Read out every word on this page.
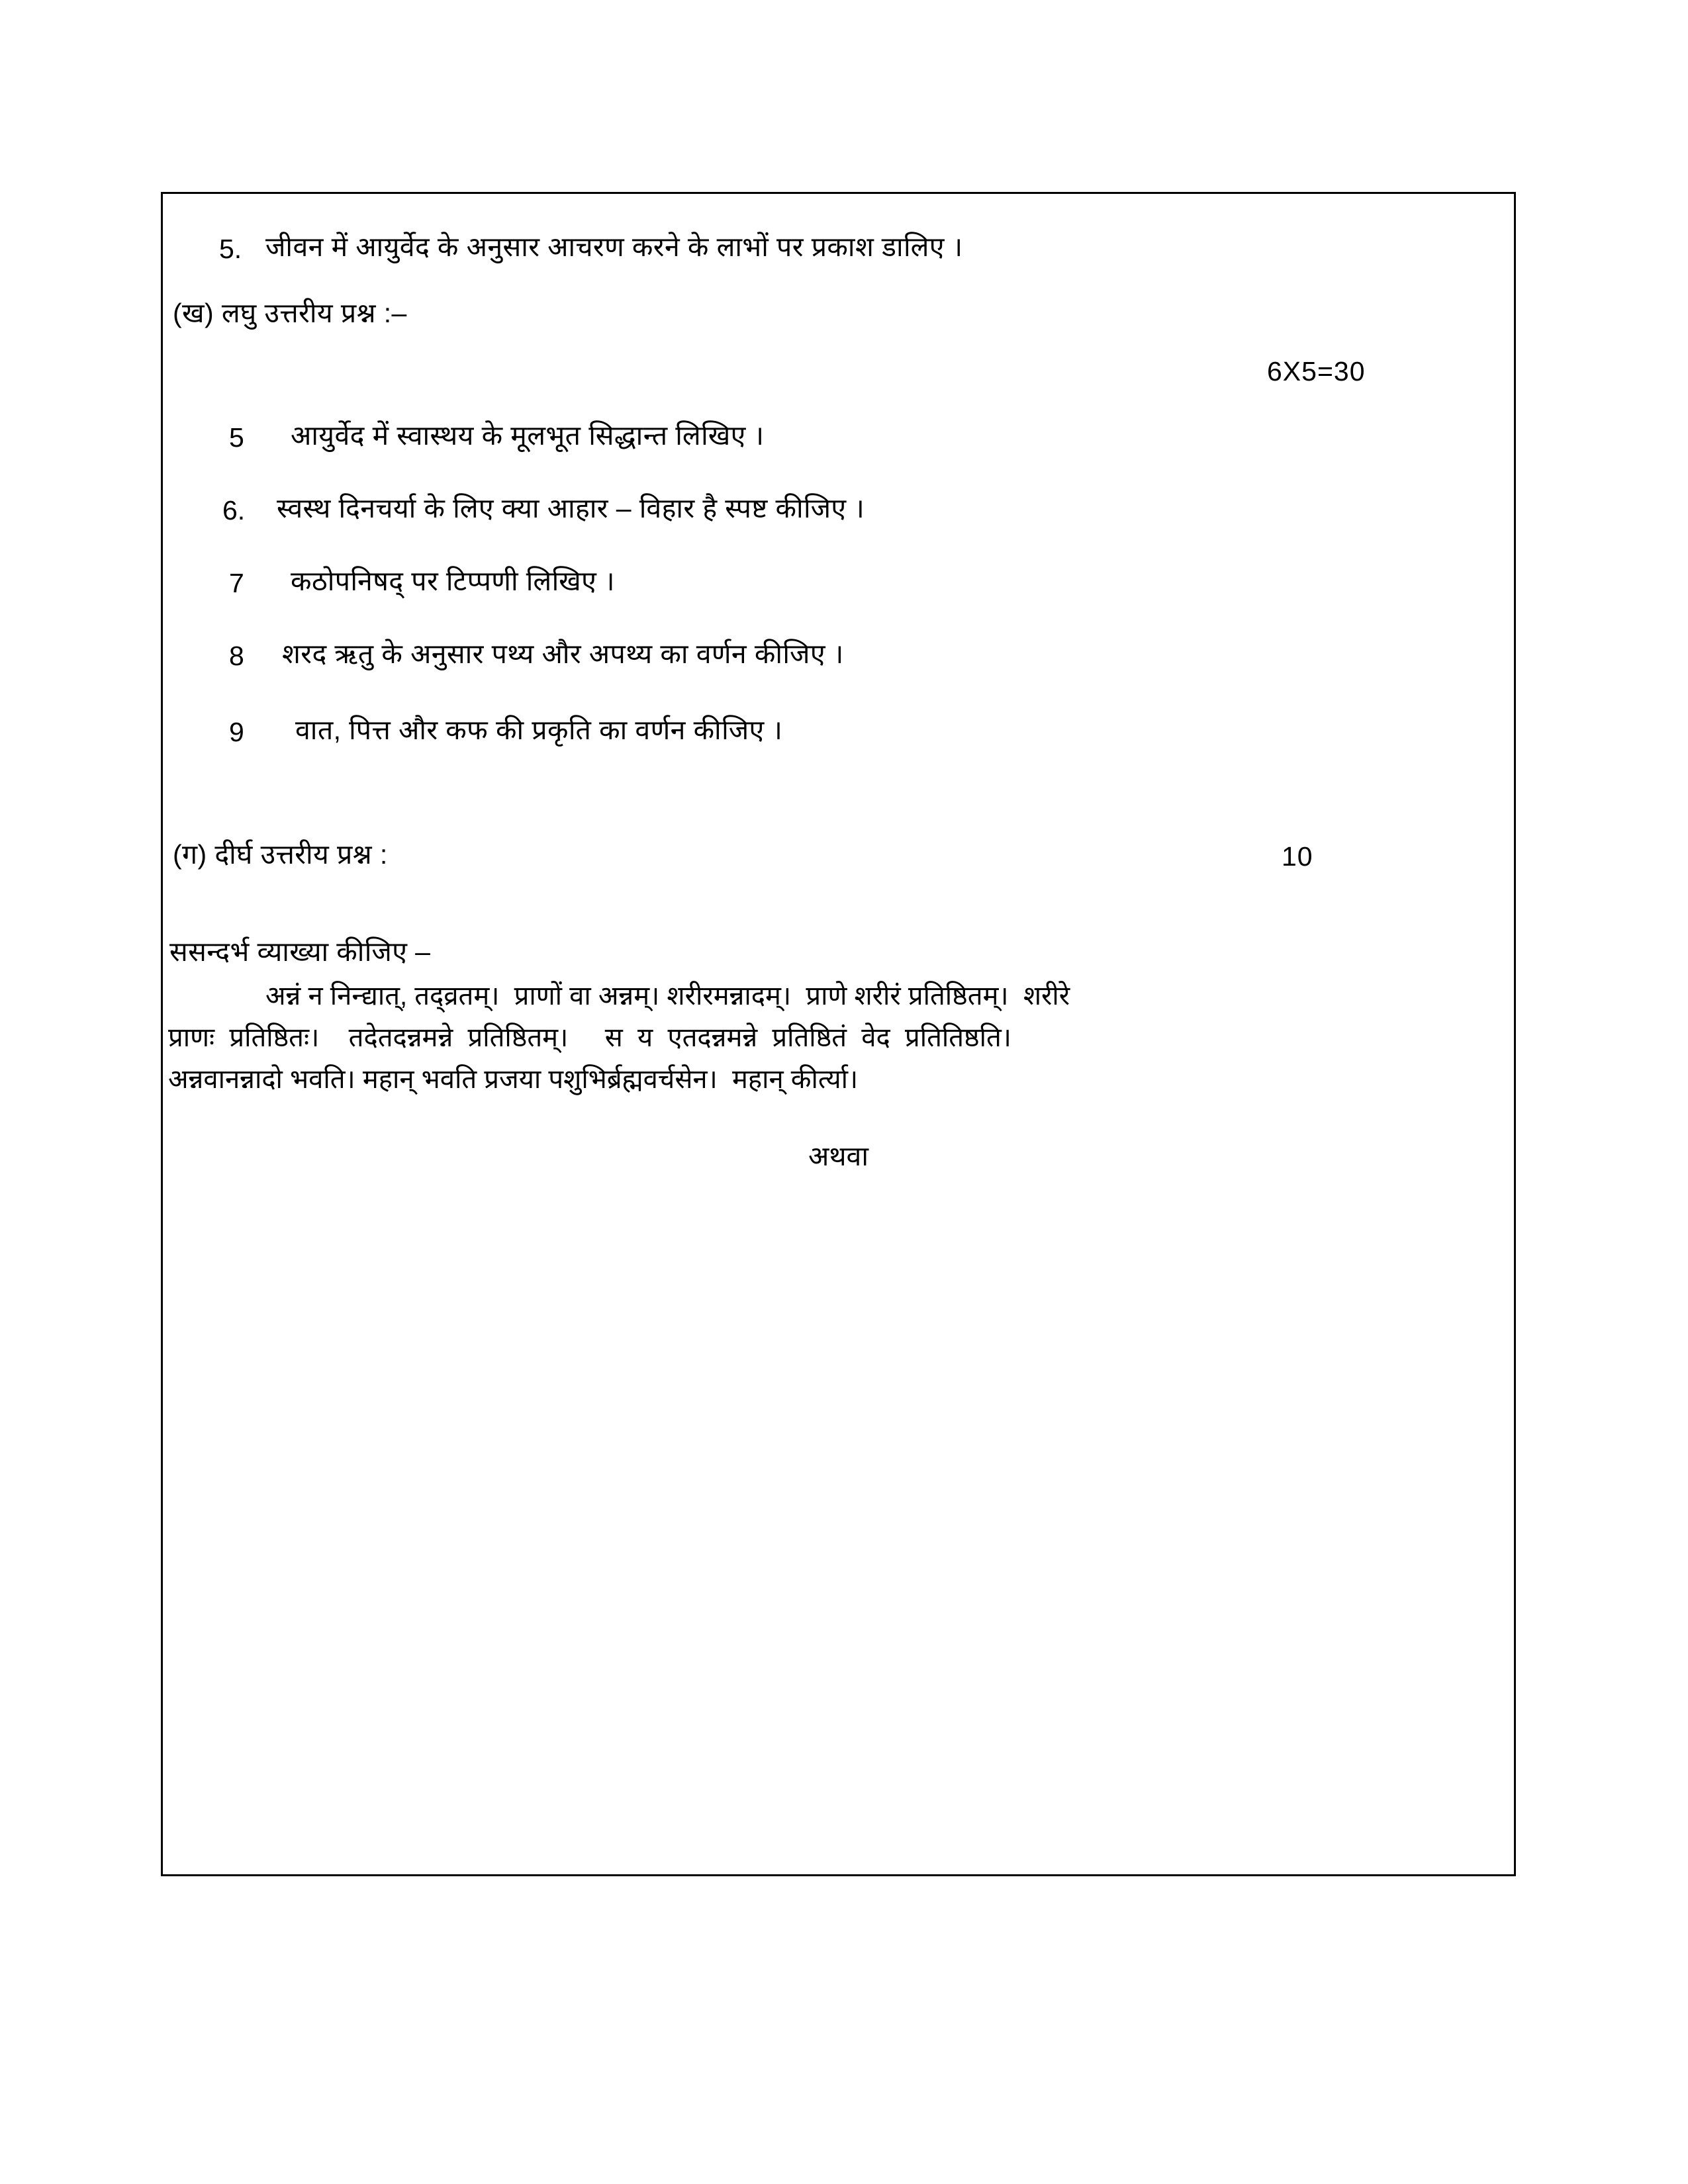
5. जीवन में आयुर्वेद के अनुसार आचरण करने के लाभों पर प्रकाश डालिए ।
(ख) लघु उत्तरीय प्रश्न :–
6X5=30
5 आयुर्वेद में स्वास्थय के मूलभूत सिद्धान्त लिखिए ।
6. स्वस्थ दिनचर्या के लिए क्या आहार – विहार है स्पष्ट कीजिए ।
7 कठोपनिषद् पर टिप्पणी लिखिए ।
8 शरद ऋतु के अनुसार पथ्य और अपथ्य का वर्णन कीजिए ।
9 वात, पित्त और कफ की प्रकृति का वर्णन कीजिए ।
(ग) दीर्घ उत्तरीय प्रश्न :	10
ससन्दर्भ व्याख्या कीजिए –
अन्नं न निन्द्यात्, तद्व्रतम्।  प्राणों वा अन्नम्। शरीरमन्नादम्।  प्राणे शरीरं प्रतिष्ठितम्।  शरीरे
प्राणः  प्रतिष्ठितः।    तदेतदन्नमन्ने  प्रतिष्ठितम्।     स  य  एतदन्नमन्ने  प्रतिष्ठितं  वेद  प्रतितिष्ठति।
अन्नवानन्नादो भवति। महान् भवति प्रजया पशुभिर्ब्रह्मवर्चसेन।  महान् कीर्त्या।
अथवा
